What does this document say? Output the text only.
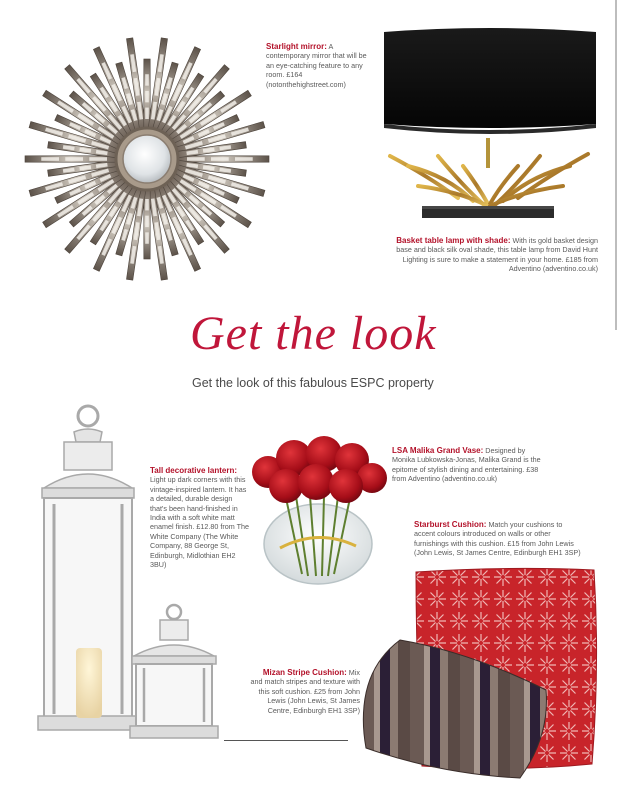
Starlight mirror: A contemporary mirror that will be an eye-catching feature to any room. £164 (notonthehighstreet.com)
Basket table lamp with shade: With its gold basket design base and black silk oval shade, this table lamp from David Hunt Lighting is sure to make a statement in your home. £185 from Adventino (adventino.co.uk)
Get the look
Get the look of this fabulous ESPC property
Tall decorative lantern: Light up dark corners with this vintage-inspired lantern. It has a detailed, durable design that's been hand-finished in India with a soft white matt enamel finish. £12.80 from The White Company (The White Company, 88 George St, Edinburgh, Midlothian EH2 3BU)
LSA Malika Grand Vase: Designed by Monika Lubkowska-Jonas, Malika Grand is the epitome of stylish dining and entertaining. £38 from Adventino (adventino.co.uk)
Starburst Cushion: Match your cushions to accent colours introduced on walls or other furnishings with this cushion. £15 from John Lewis (John Lewis, St James Centre, Edinburgh EH1 3SP)
Mizan Stripe Cushion: Mix and match stripes and texture with this soft cushion. £25 from John Lewis (John Lewis, St James Centre, Edinburgh EH1 3SP)
